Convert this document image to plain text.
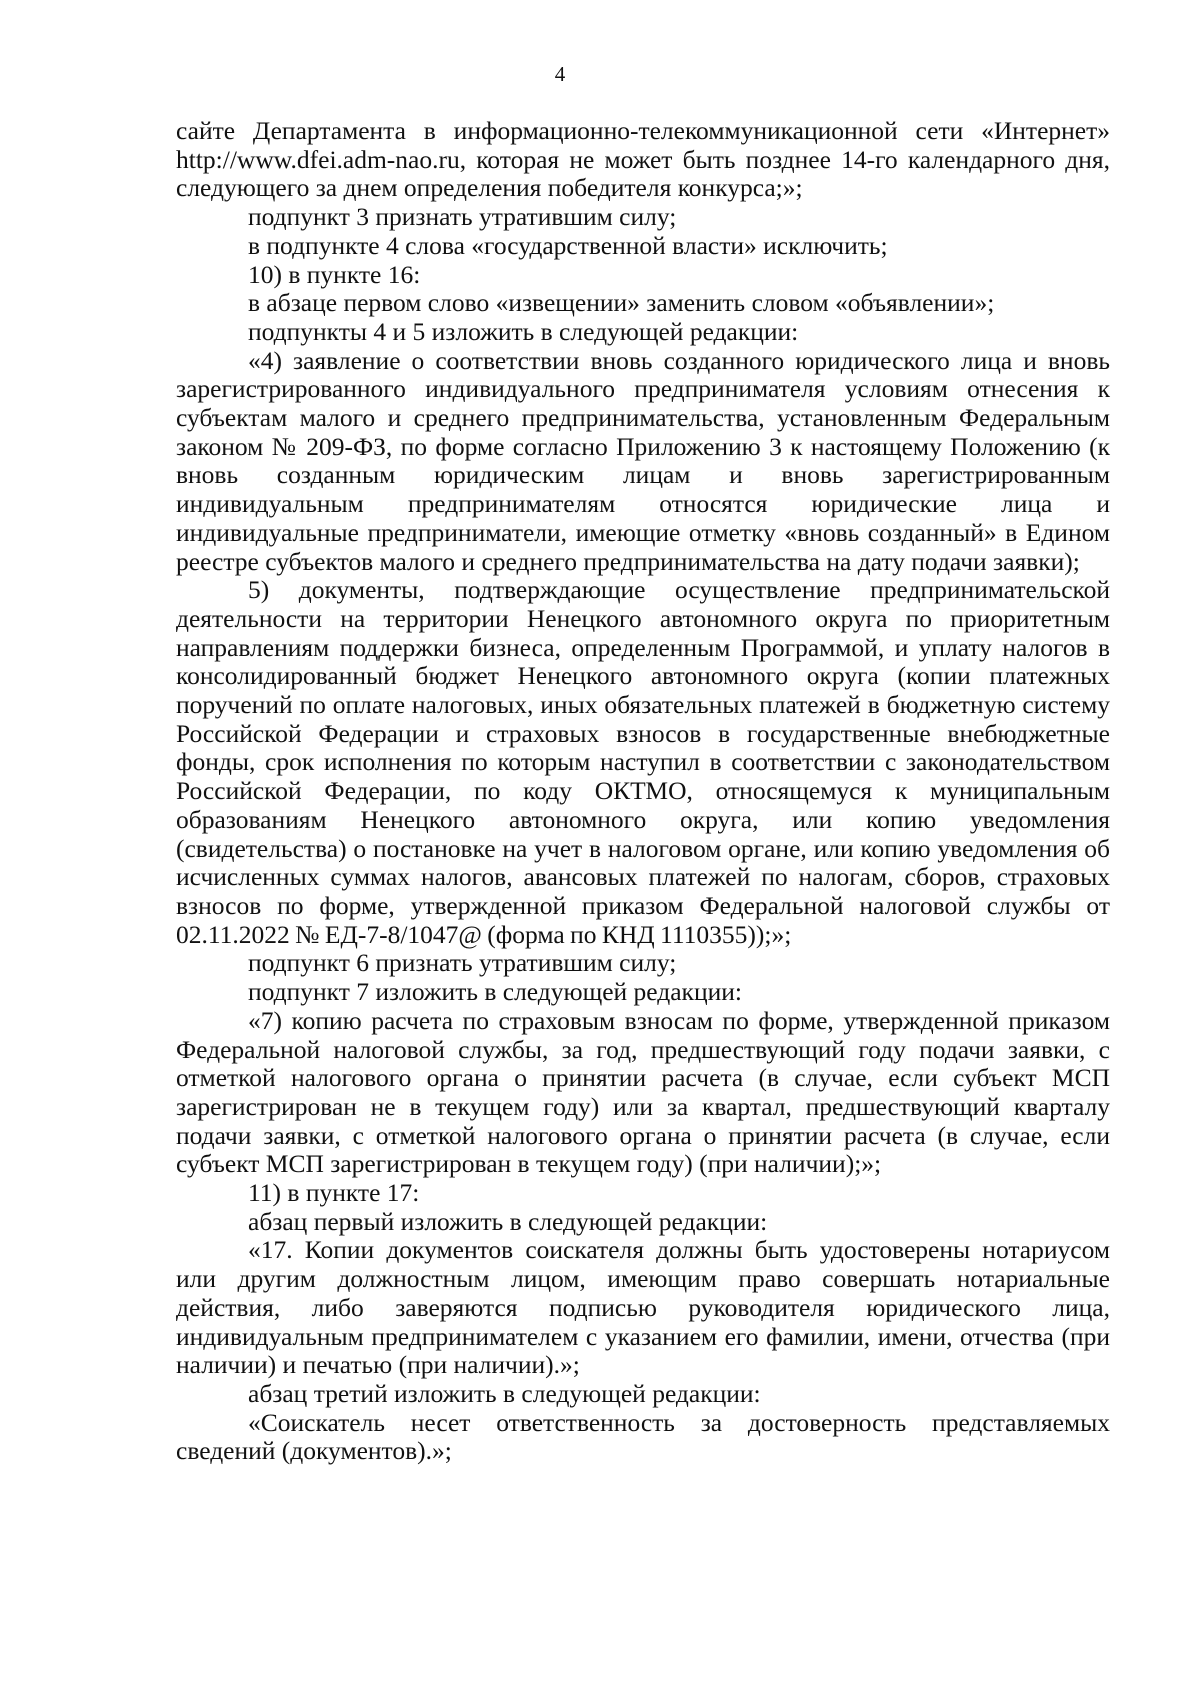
4

сайте Департамента в информационно-телекоммуникационной сети «Интернет» http://www.dfei.adm-nao.ru, которая не может быть позднее 14-го календарного дня, следующего за днем определения победителя конкурса;»;

подпункт 3 признать утратившим силу;

в подпункте 4 слова «государственной власти» исключить;

10) в пункте 16:

в абзаце первом слово «извещении» заменить словом «объявлении»;

подпункты 4 и 5 изложить в следующей редакции:

«4) заявление о соответствии вновь созданного юридического лица и вновь зарегистрированного индивидуального предпринимателя условиям отнесения к субъектам малого и среднего предпринимательства, установленным Федеральным законом № 209-ФЗ, по форме согласно Приложению 3 к настоящему Положению (к вновь созданным юридическим лицам и вновь зарегистрированным индивидуальным предпринимателям относятся юридические лица и индивидуальные предприниматели, имеющие отметку «вновь созданный» в Едином реестре субъектов малого и среднего предпринимательства на дату подачи заявки);

5) документы, подтверждающие осуществление предпринимательской деятельности на территории Ненецкого автономного округа по приоритетным направлениям поддержки бизнеса, определенным Программой, и уплату налогов в консолидированный бюджет Ненецкого автономного округа (копии платежных поручений по оплате налоговых, иных обязательных платежей в бюджетную систему Российской Федерации и страховых взносов в государственные внебюджетные фонды, срок исполнения по которым наступил в соответствии с законодательством Российской Федерации, по коду ОКТМО, относящемуся к муниципальным образованиям Ненецкого автономного округа, или копию уведомления (свидетельства) о постановке на учет в налоговом органе, или копию уведомления об исчисленных суммах налогов, авансовых платежей по налогам, сборов, страховых взносов по форме, утвержденной приказом Федеральной налоговой службы от 02.11.2022 № ЕД-7-8/1047@ (форма по КНД 1110355));»;

подпункт 6 признать утратившим силу;

подпункт 7 изложить в следующей редакции:

«7) копию расчета по страховым взносам по форме, утвержденной приказом Федеральной налоговой службы, за год, предшествующий году подачи заявки, с отметкой налогового органа о принятии расчета (в случае, если субъект МСП зарегистрирован не в текущем году) или за квартал, предшествующий кварталу подачи заявки, с отметкой налогового органа о принятии расчета (в случае, если субъект МСП зарегистрирован в текущем году) (при наличии);»;

11) в пункте 17:

абзац первый изложить в следующей редакции:

«17. Копии документов соискателя должны быть удостоверены нотариусом или другим должностным лицом, имеющим право совершать нотариальные действия, либо заверяются подписью руководителя юридического лица, индивидуальным предпринимателем с указанием его фамилии, имени, отчества (при наличии) и печатью (при наличии).»;

абзац третий изложить в следующей редакции:

«Соискатель несет ответственность за достоверность представляемых сведений (документов).»;
